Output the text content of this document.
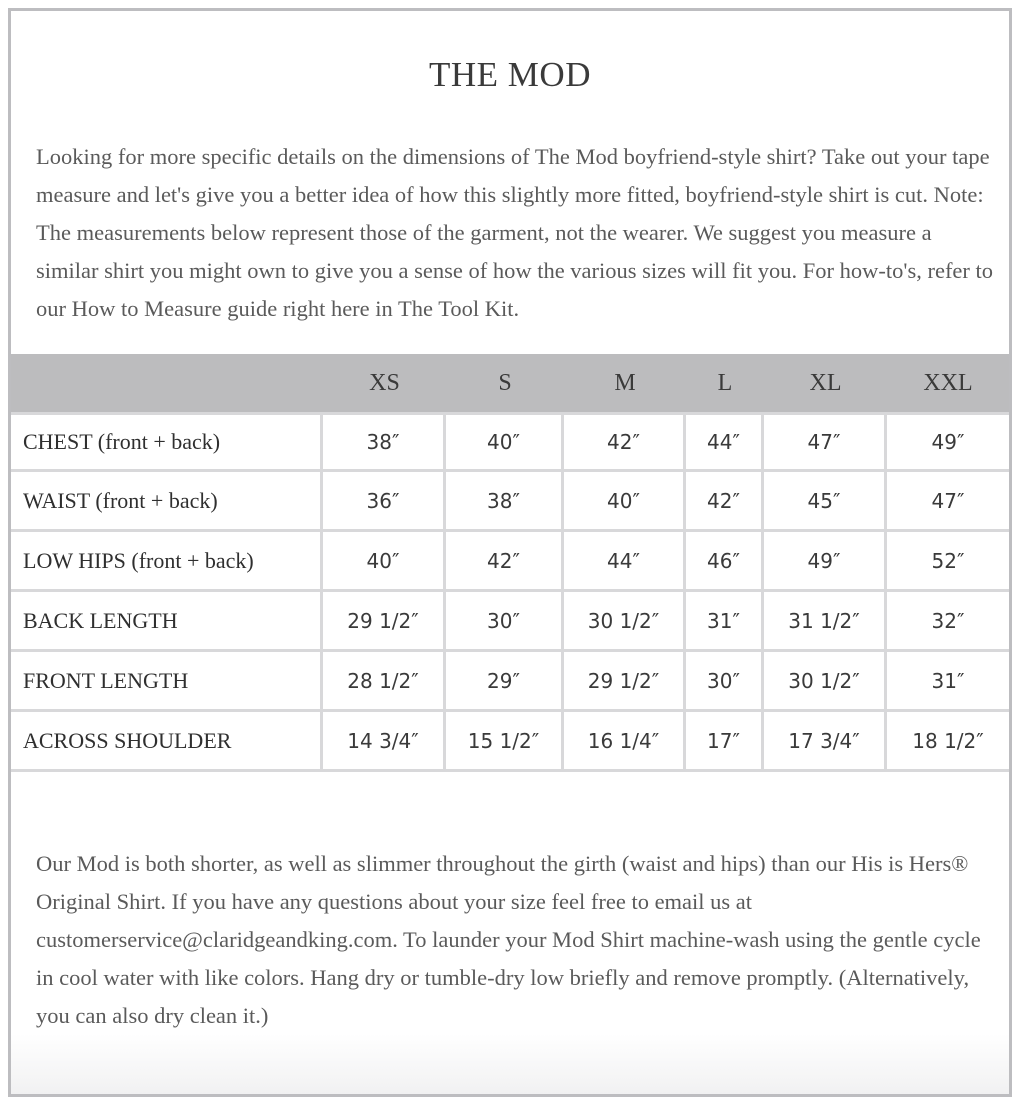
THE MOD

Looking for more specific details on the dimensions of The Mod boyfriend-style shirt? Take out your tape measure and let's give you a better idea of how this slightly more fitted, boyfriend-style shirt is cut. Note: The measurements below represent those of the garment, not the wearer. We suggest you measure a similar shirt you might own to give you a sense of how the various sizes will fit you. For how-to's, refer to our How to Measure guide right here in The Tool Kit.

	XS	S	M	L	XL	XXL
CHEST (front + back)	38″	40″	42″	44″	47″	49″
WAIST (front + back)	36″	38″	40″	42″	45″	47″
LOW HIPS (front + back)	40″	42″	44″	46″	49″	52″
BACK LENGTH	29 1/2″	30″	30 1/2″	31″	31 1/2″	32″
FRONT LENGTH	28 1/2″	29″	29 1/2″	30″	30 1/2″	31″
ACROSS SHOULDER	14 3/4″	15 1/2″	16 1/4″	17″	17 3/4″	18 1/2″

Our Mod is both shorter, as well as slimmer throughout the girth (waist and hips) than our His is Hers® Original Shirt. If you have any questions about your size feel free to email us at customerservice@claridgeandking.com. To launder your Mod Shirt machine-wash using the gentle cycle in cool water with like colors. Hang dry or tumble-dry low briefly and remove promptly. (Alternatively, you can also dry clean it.)
